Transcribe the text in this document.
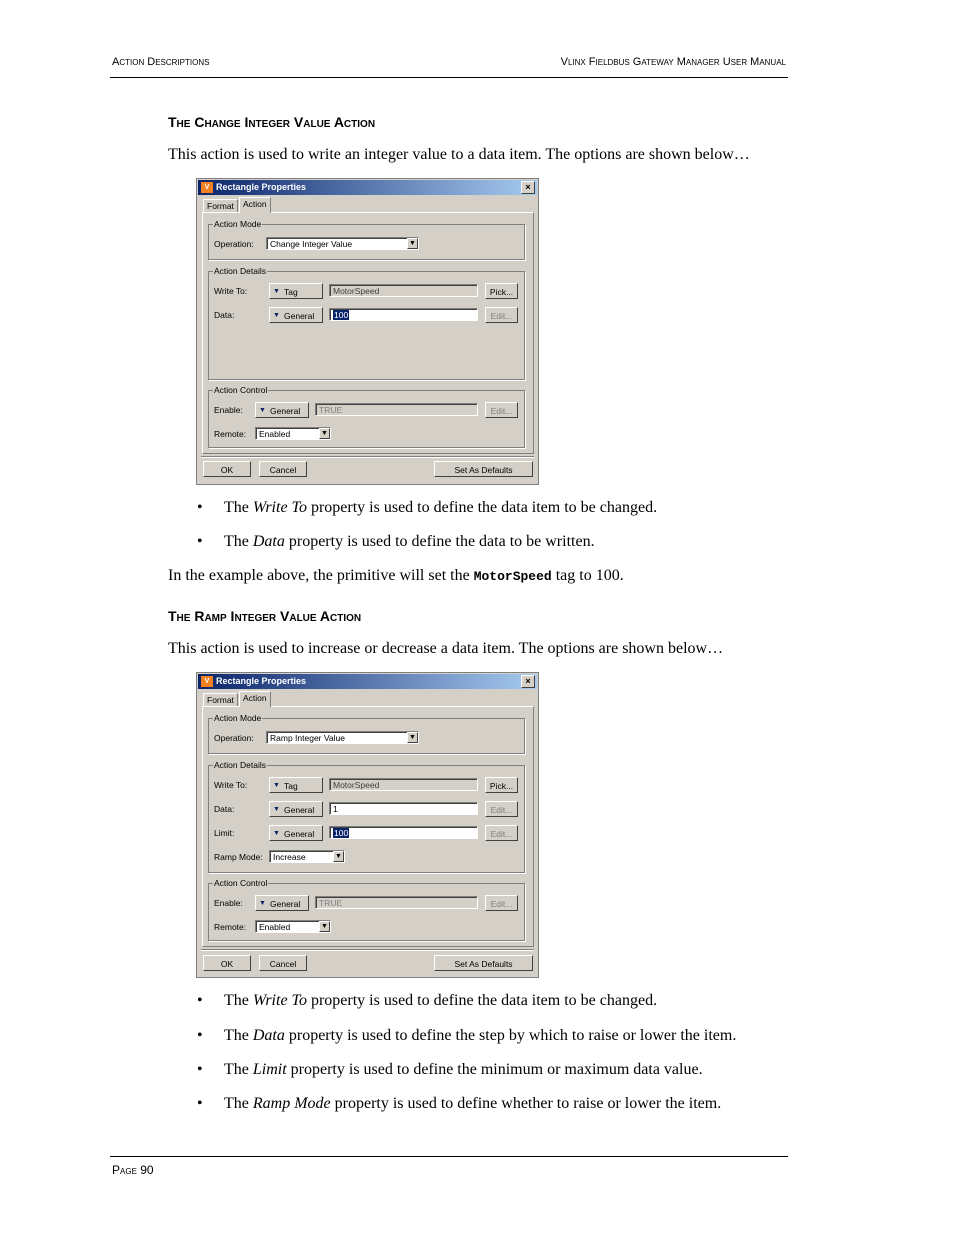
Action Descriptions	Vlinx Fieldbus Gateway Manager User Manual
The Change Integer Value Action
This action is used to write an integer value to a data item. The options are shown below…
V Rectangle Properties	×
Format	Action
Action Mode
Operation:	Change Integer Value	▼
Action Details
Write To:	▼ Tag	MotorSpeed	Pick...
Data:	▼ General	100	Edit...
Action Control
Enable:	▼ General	TRUE	Edit...
Remote:	Enabled	▼
OK	Cancel	Set As Defaults
• The Write To property is used to define the data item to be changed.
• The Data property is used to define the data to be written.
In the example above, the primitive will set the MotorSpeed tag to 100.
The Ramp Integer Value Action
This action is used to increase or decrease a data item. The options are shown below…
V Rectangle Properties	×
Format	Action
Action Mode
Operation:	Ramp Integer Value	▼
Action Details
Write To:	▼ Tag	MotorSpeed	Pick...
Data:	▼ General	1	Edit...
Limit:	▼ General	100	Edit...
Ramp Mode:	Increase	▼
Action Control
Enable:	▼ General	TRUE	Edit...
Remote:	Enabled	▼
OK	Cancel	Set As Defaults
• The Write To property is used to define the data item to be changed.
• The Data property is used to define the step by which to raise or lower the item.
• The Limit property is used to define the minimum or maximum data value.
• The Ramp Mode property is used to define whether to raise or lower the item.
Page 90
